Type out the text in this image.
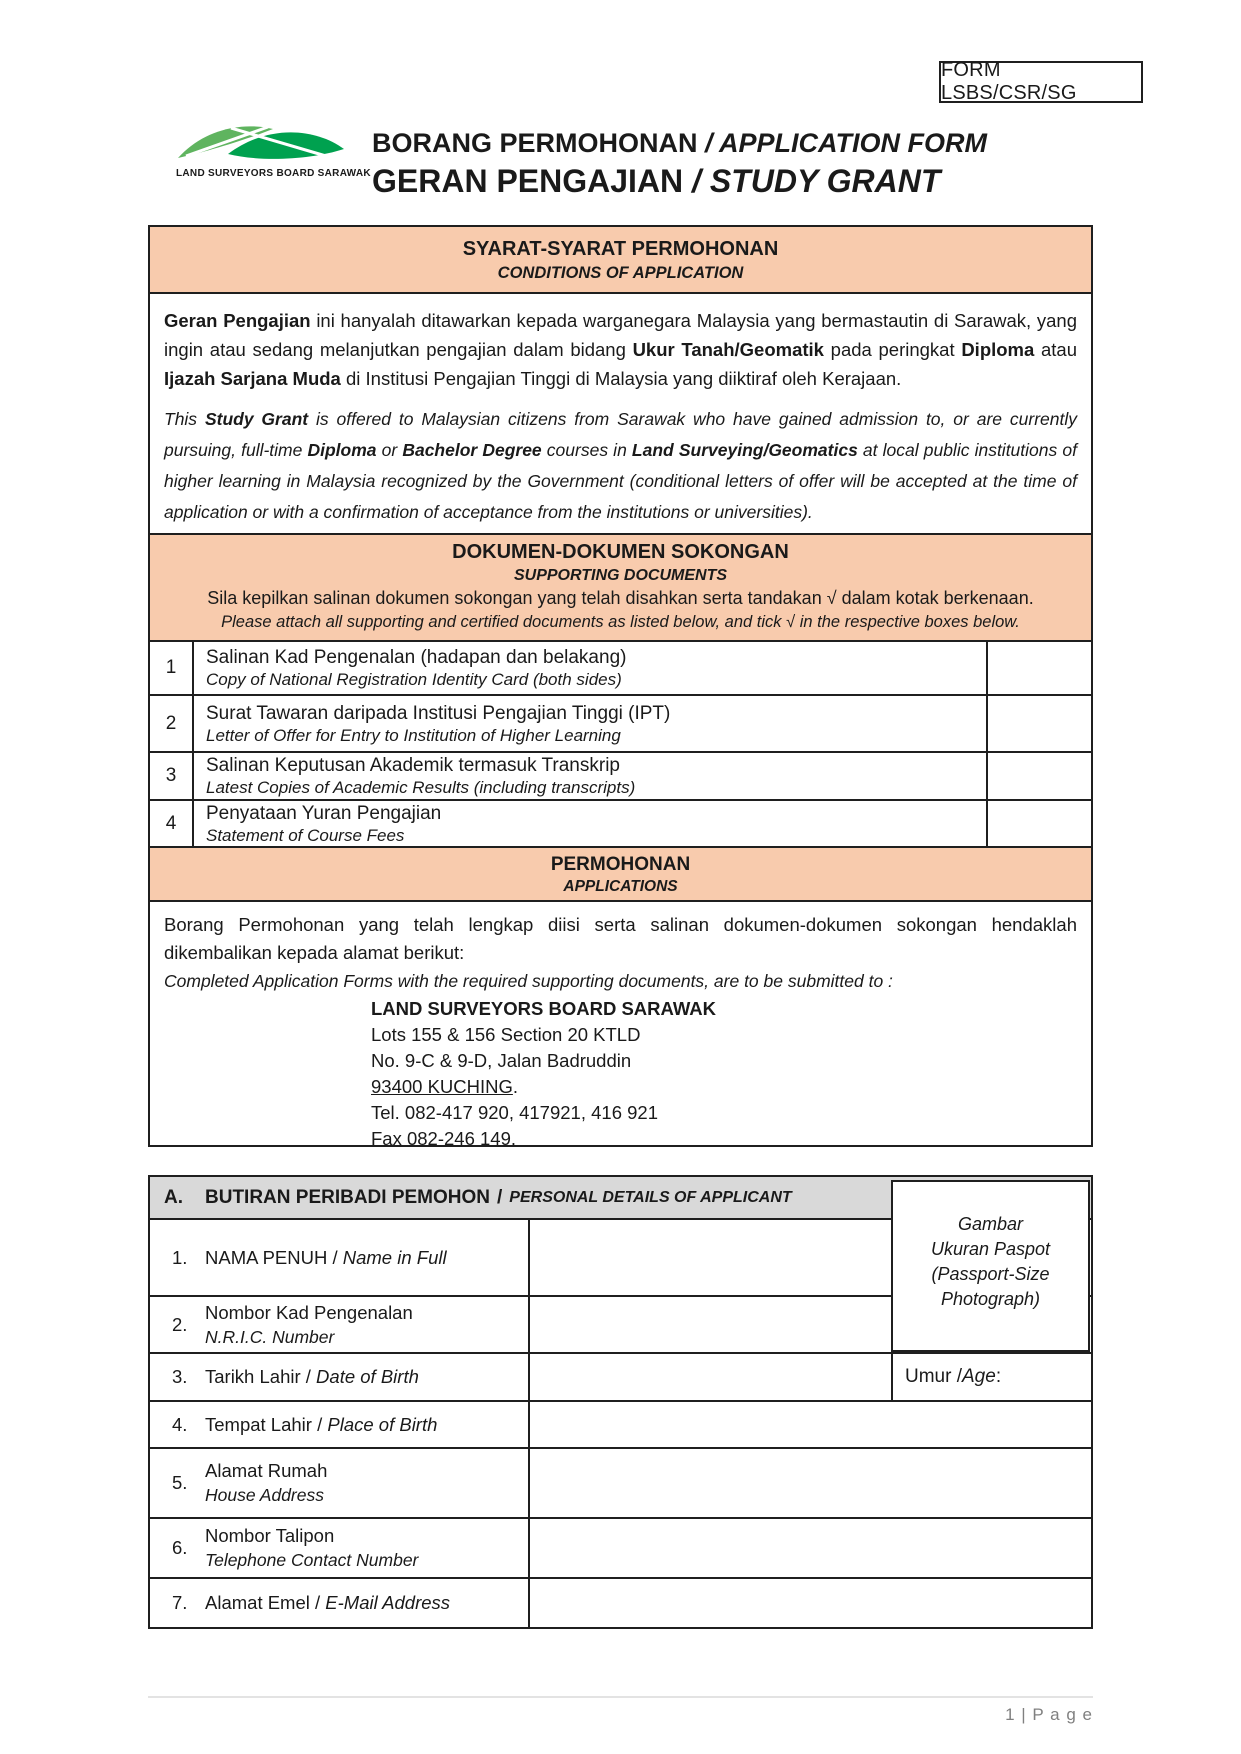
FORM LSBS/CSR/SG
LAND SURVEYORS BOARD SARAWAK
BORANG PERMOHONAN / APPLICATION FORM
GERAN PENGAJIAN / STUDY GRANT
SYARAT-SYARAT PERMOHONAN
CONDITIONS OF APPLICATION

Geran Pengajian ini hanyalah ditawarkan kepada warganegara Malaysia yang bermastautin di Sarawak, yang ingin atau sedang melanjutkan pengajian dalam bidang Ukur Tanah/Geomatik pada peringkat Diploma atau Ijazah Sarjana Muda di Institusi Pengajian Tinggi di Malaysia yang diiktiraf oleh Kerajaan.

This Study Grant is offered to Malaysian citizens from Sarawak who have gained admission to, or are currently pursuing, full-time Diploma or Bachelor Degree courses in Land Surveying/Geomatics at local public institutions of higher learning in Malaysia recognized by the Government (conditional letters of offer will be accepted at the time of application or with a confirmation of acceptance from the institutions or universities).

DOKUMEN-DOKUMEN SOKONGAN
SUPPORTING DOCUMENTS
Sila kepilkan salinan dokumen sokongan yang telah disahkan serta tandakan √ dalam kotak berkenaan.
Please attach all supporting and certified documents as listed below, and tick √ in the respective boxes below.
1	Salinan Kad Pengenalan (hadapan dan belakang)
Copy of National Registration Identity Card (both sides)
2	Surat Tawaran daripada Institusi Pengajian Tinggi (IPT)
Letter of Offer for Entry to Institution of Higher Learning
3	Salinan Keputusan Akademik termasuk Transkrip
Latest Copies of Academic Results (including transcripts)
4	Penyataan Yuran Pengajian
Statement of Course Fees
PERMOHONAN
APPLICATIONS

Borang Permohonan yang telah lengkap diisi serta salinan dokumen-dokumen sokongan hendaklah dikembalikan kepada alamat berikut:

Completed Application Forms with the required supporting documents, are to be submitted to :

LAND SURVEYORS BOARD SARAWAK
Lots 155 & 156 Section 20 KTLD
No. 9-C & 9-D, Jalan Badruddin
93400 KUCHING.
Tel. 082-417 920, 417921, 416 921
Fax 082-246 149.
A.	BUTIRAN PERIBADI PEMOHON / PERSONAL DETAILS OF APPLICANT
1. NAMA PENUH / Name in Full
2.
Nombor Kad Pengenalan
N.R.I.C. Number
3. Tarikh Lahir / Date of Birth	Umur / Age :
4. Tempat Lahir / Place of Birth
5.
Alamat Rumah
House Address
6.
Nombor Talipon
Telephone Contact Number
7. Alamat Emel / E-Mail Address
Gambar
Ukuran Paspot
(Passport-Size
Photograph)
1 | P a g e
